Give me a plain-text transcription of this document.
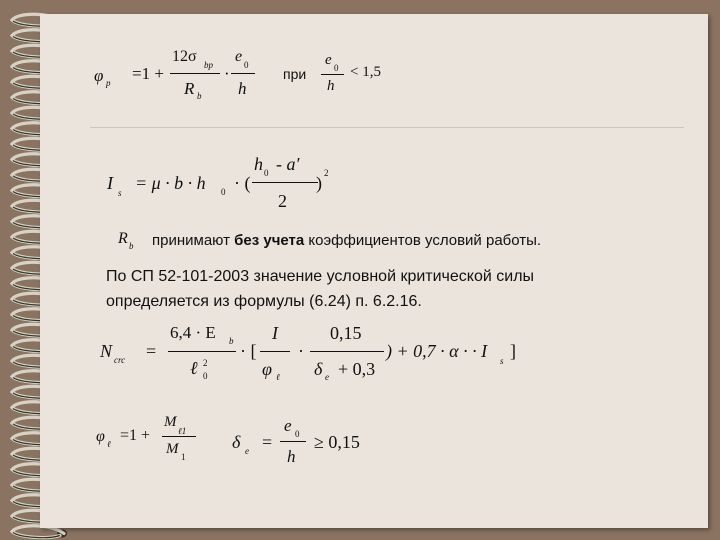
φ p =1 +
12σ bp
R b
·
e 0
h
при
e 0
h
< 1,5
I s = μ · b · h 0 · (
h 0 - a′
2
) 2
R b принимают без учета коэффициентов условий работы.
По СП 52-101-2003 значение условной критической силы
определяется из формулы (6.24) п. 6.2.16.
N crc =
6,4 · E b
ℓ 2
0
· [
I
φ ℓ
·
0,15
δ e + 0,3
) + 0,7 · α · · I s ]
φ ℓ =1 +
M
ℓ1
M 1
δ e =
e 0
h
≥ 0,15
